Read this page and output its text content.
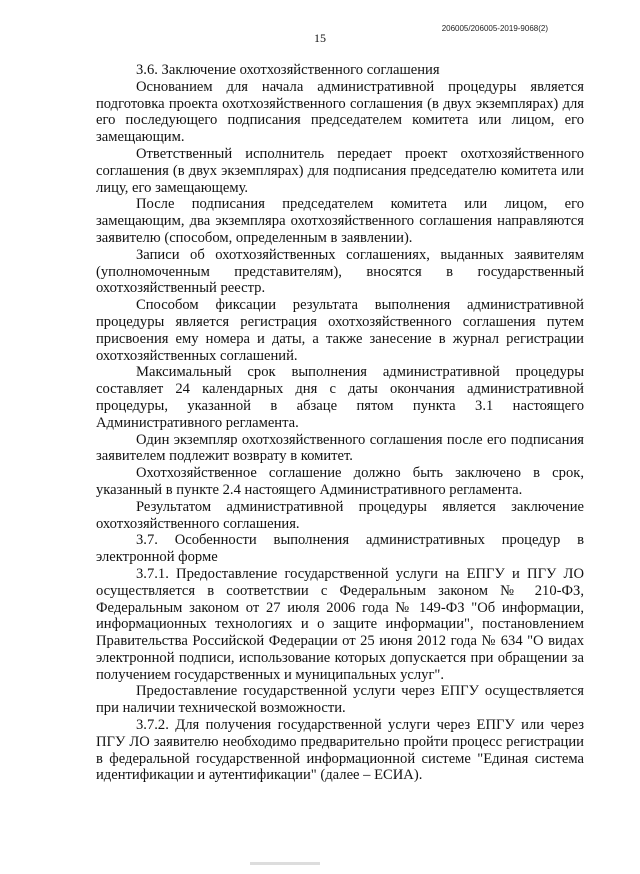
206005/206005-2019-9068(2)
15

3.6. Заключение охотхозяйственного соглашения

Основанием для начала административной процедуры является подготовка проекта охотхозяйственного соглашения (в двух экземплярах) для его последующего подписания председателем комитета или лицом, его замещающим.

Ответственный исполнитель передает проект охотхозяйственного соглашения (в двух экземплярах) для подписания председателю комитета или лицу, его замещающему.

После подписания председателем комитета или лицом, его замещающим, два экземпляра охотхозяйственного соглашения направляются заявителю (способом, определенным в заявлении).

Записи об охотхозяйственных соглашениях, выданных заявителям (уполномоченным представителям), вносятся в государственный охотхозяйственный реестр.

Способом фиксации результата выполнения административной процедуры является регистрация охотхозяйственного соглашения путем присвоения ему номера и даты, а также занесение в журнал регистрации охотхозяйственных соглашений.

Максимальный срок выполнения административной процедуры составляет 24 календарных дня с даты окончания административной процедуры, указанной в абзаце пятом пункта 3.1 настоящего Административного регламента.

Один экземпляр охотхозяйственного соглашения после его подписания заявителем подлежит возврату в комитет.

Охотхозяйственное соглашение должно быть заключено в срок, указанный в пункте 2.4 настоящего Административного регламента.

Результатом административной процедуры является заключение охотхозяйственного соглашения.

3.7. Особенности выполнения административных процедур в электронной форме

3.7.1. Предоставление государственной услуги на ЕПГУ и ПГУ ЛО осуществляется в соответствии с Федеральным законом № 210-ФЗ, Федеральным законом от 27 июля 2006 года № 149-ФЗ "Об информации, информационных технологиях и о защите информации", постановлением Правительства Российской Федерации от 25 июня 2012 года № 634 "О видах электронной подписи, использование которых допускается при обращении за получением государственных и муниципальных услуг".

Предоставление государственной услуги через ЕПГУ осуществляется при наличии технической возможности.

3.7.2. Для получения государственной услуги через ЕПГУ или через ПГУ ЛО заявителю необходимо предварительно пройти процесс регистрации в федеральной государственной информационной системе "Единая система идентификации и аутентификации" (далее – ЕСИА).
